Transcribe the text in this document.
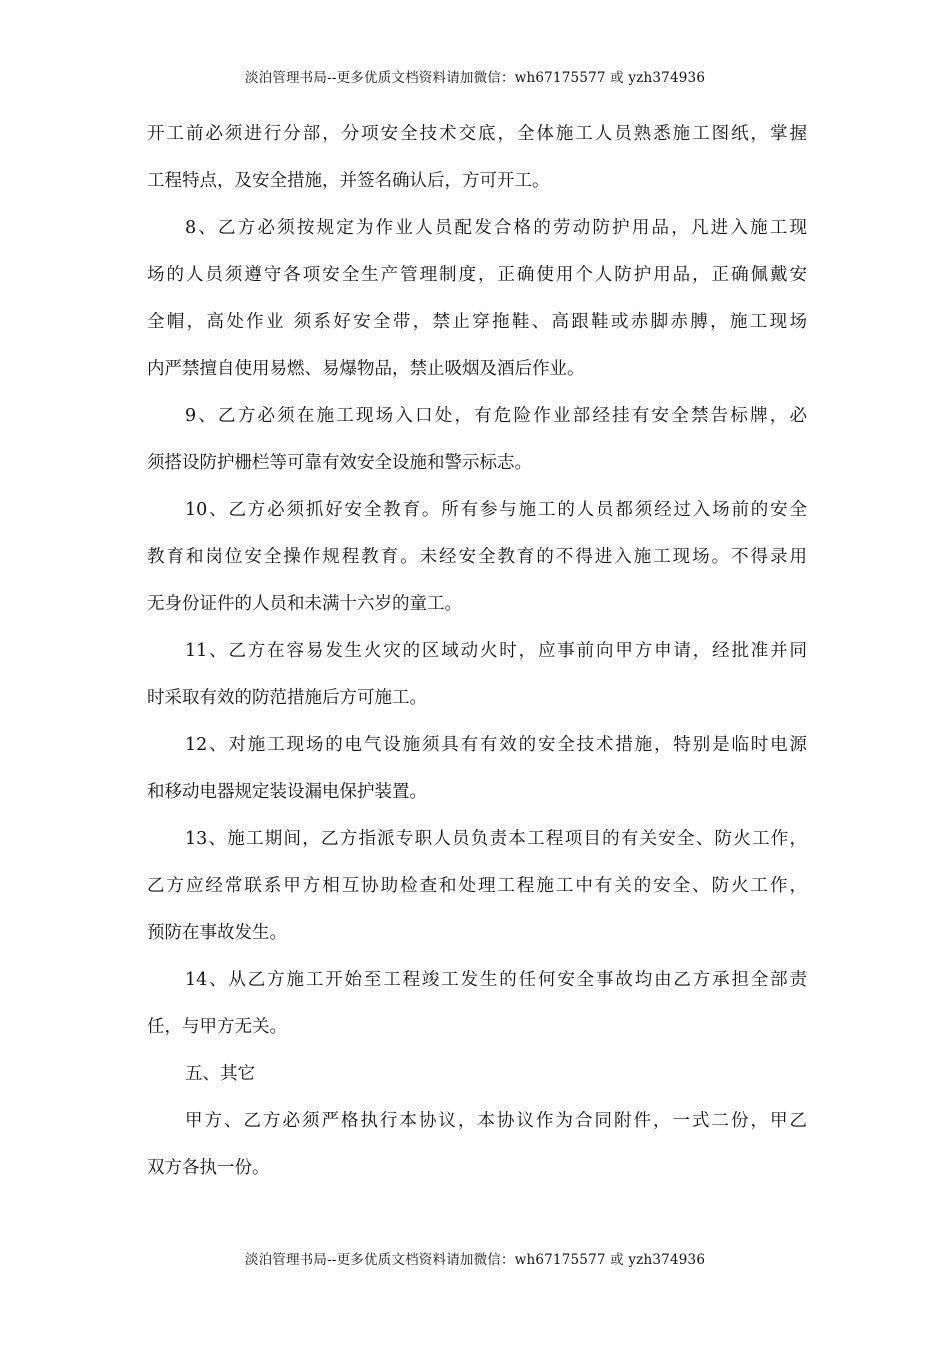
淡泊管理书局--更多优质文档资料请加微信：wh67175577 或 yzh374936
开工前必须进行分部，分项安全技术交底，全体施工人员熟悉施工图纸，掌握
工程特点，及安全措施，并签名确认后，方可开工。
8、乙方必须按规定为作业人员配发合格的劳动防护用品，凡进入施工现
场的人员须遵守各项安全生产管理制度，正确使用个人防护用品，正确佩戴安
全帽，高处作业 须系好安全带，禁止穿拖鞋、高跟鞋或赤脚赤膊，施工现场
内严禁擅自使用易燃、易爆物品，禁止吸烟及酒后作业。
9、乙方必须在施工现场入口处，有危险作业部经挂有安全禁告标牌，必
须搭设防护栅栏等可靠有效安全设施和警示标志。
10、乙方必须抓好安全教育。所有参与施工的人员都须经过入场前的安全
教育和岗位安全操作规程教育。未经安全教育的不得进入施工现场。不得录用
无身份证件的人员和未满十六岁的童工。
11、乙方在容易发生火灾的区域动火时，应事前向甲方申请，经批准并同
时采取有效的防范措施后方可施工。
12、对施工现场的电气设施须具有有效的安全技术措施，特别是临时电源
和移动电器规定装设漏电保护装置。
13、施工期间，乙方指派专职人员负责本工程项目的有关安全、防火工作，
乙方应经常联系甲方相互协助检查和处理工程施工中有关的安全、防火工作，
预防在事故发生。
14、从乙方施工开始至工程竣工发生的任何安全事故均由乙方承担全部责
任，与甲方无关。
五、其它
甲方、乙方必须严格执行本协议，本协议作为合同附件，一式二份，甲乙
双方各执一份。
淡泊管理书局--更多优质文档资料请加微信：wh67175577 或 yzh374936
